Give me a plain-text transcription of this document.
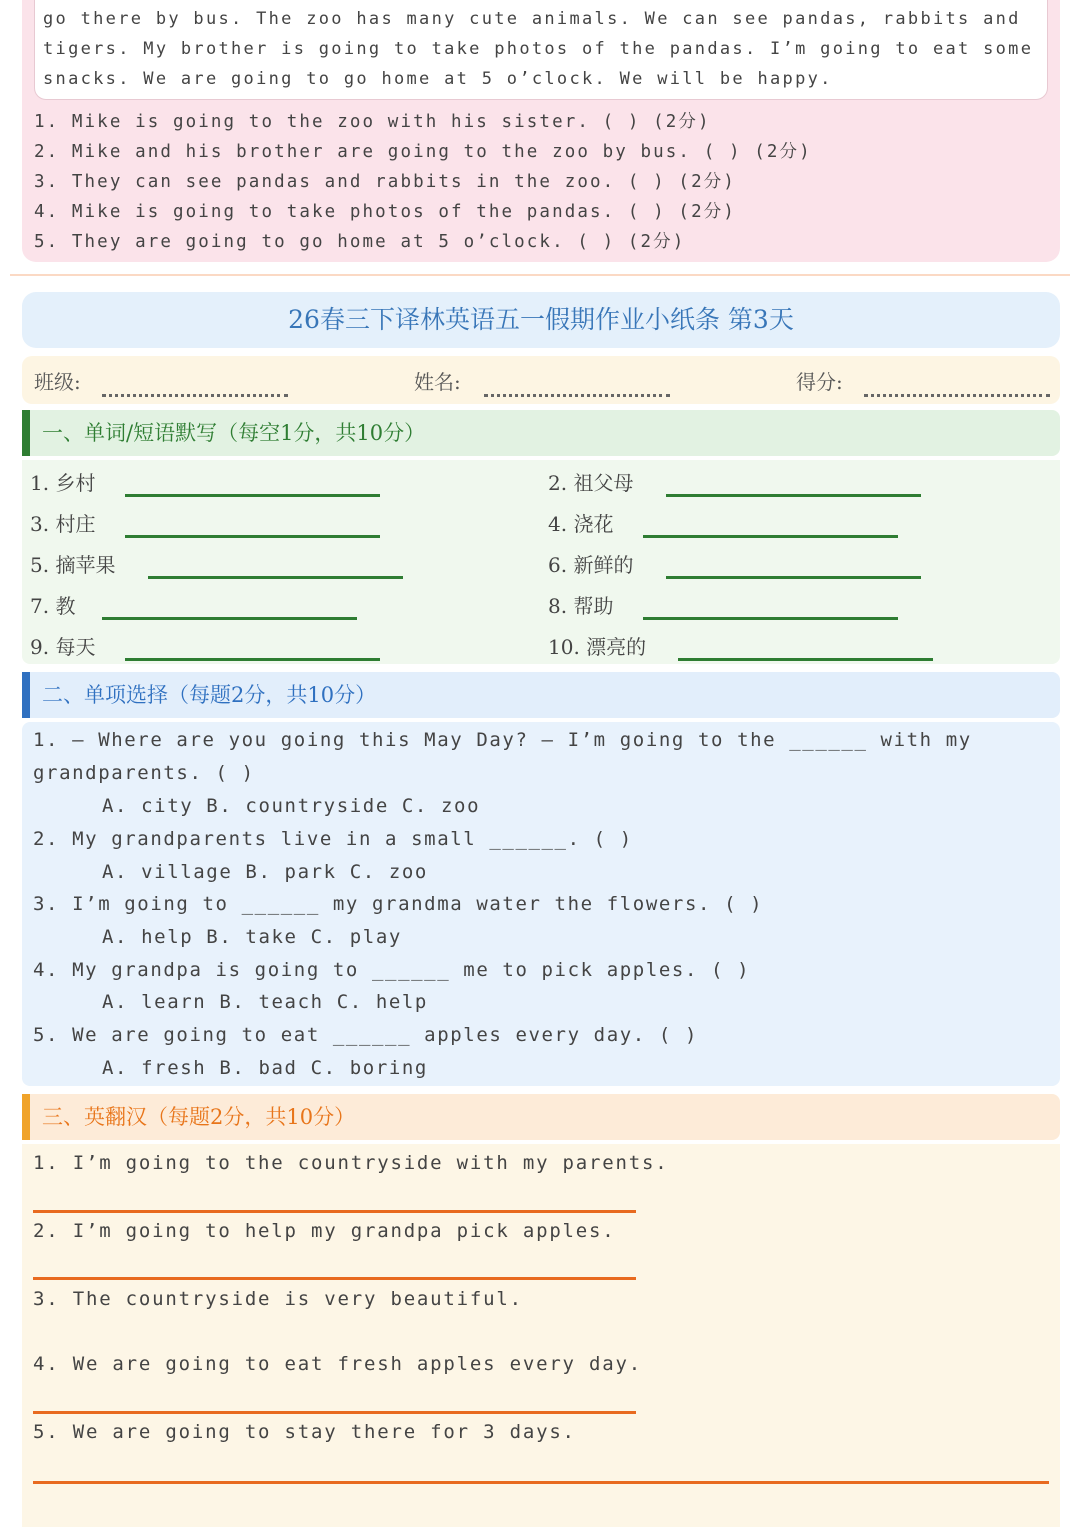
go there by bus. The zoo has many cute animals. We can see pandas, rabbits and
tigers. My brother is going to take photos of the pandas. I’m going to eat some
snacks. We are going to go home at 5 o’clock. We will be happy.
1. Mike is going to the zoo with his sister. ( ) (2分)
2. Mike and his brother are going to the zoo by bus. ( ) (2分)
3. They can see pandas and rabbits in the zoo. ( ) (2分)
4. Mike is going to take photos of the pandas. ( ) (2分)
5. They are going to go home at 5 o’clock. ( ) (2分)
26春三下译林英语五一假期作业小纸条 第3天
班级:	姓名:	得分:
一、单词/短语默写（每空1分，共10分）
1. 乡村	2. 祖父母
3. 村庄	4. 浇花
5. 摘苹果	6. 新鲜的
7. 教	8. 帮助
9. 每天	10. 漂亮的
二、单项选择（每题2分，共10分）
1. — Where are you going this May Day? — I’m going to the ______ with my
grandparents. ( )
A. city B. countryside C. zoo
2. My grandparents live in a small ______. ( )
A. village B. park C. zoo
3. I’m going to ______ my grandma water the flowers. ( )
A. help B. take C. play
4. My grandpa is going to ______ me to pick apples. ( )
A. learn B. teach C. help
5. We are going to eat ______ apples every day. ( )
A. fresh B. bad C. boring
三、英翻汉（每题2分，共10分）
1. I’m going to the countryside with my parents.
2. I’m going to help my grandpa pick apples.
3. The countryside is very beautiful.
4. We are going to eat fresh apples every day.
5. We are going to stay there for 3 days.
